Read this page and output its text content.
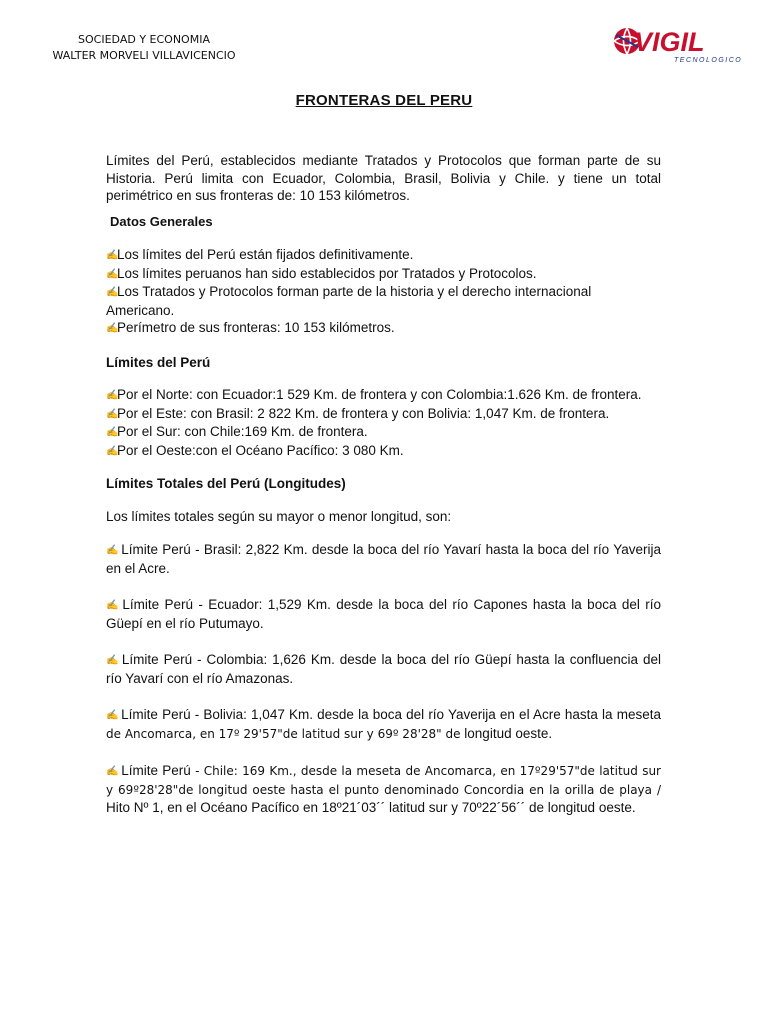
SOCIEDAD Y ECONOMIA
WALTER MORVELI VILLAVICENCIO	VIGIL
TECNOLOGICO
FRONTERAS DEL PERU

Límites del Perú, establecidos mediante Tratados y Protocolos que forman parte de su Historia. Perú limita con Ecuador, Colombia, Brasil, Bolivia y Chile. y tiene un total perimétrico en sus fronteras de: 10 153 kilómetros.

Datos Generales

✍Los límites del Perú están fijados definitivamente.

✍Los límites peruanos han sido establecidos por Tratados y Protocolos.

✍Los Tratados y Protocolos forman parte de la historia y el derecho internacional Americano.

✍Perímetro de sus fronteras: 10 153 kilómetros.

Límites del Perú

✍Por el Norte: con Ecuador:1 529 Km. de frontera y con Colombia:1.626 Km. de frontera.

✍Por el Este: con Brasil: 2 822 Km. de frontera y con Bolivia: 1,047 Km. de frontera.

✍Por el Sur: con Chile:169 Km. de frontera.

✍Por el Oeste:con el Océano Pacífico: 3 080 Km.

Límites Totales del Perú (Longitudes)

Los límites totales según su mayor o menor longitud, son:

✍ Límite Perú - Brasil: 2,822 Km. desde la boca del río Yavarí hasta la boca del río Yaverija en el Acre.

✍ Límite Perú - Ecuador: 1,529 Km. desde la boca del río Capones hasta la boca del río Güepí en el río Putumayo.

✍ Límite Perú - Colombia: 1,626 Km. desde la boca del río Güepí hasta la confluencia del río Yavarí con el río Amazonas.

✍ Límite Perú - Bolivia: 1,047 Km. desde la boca del río Yaverija en el Acre hasta la meseta de Ancomarca, en 17º 29'57"de latitud sur y 69º 28'28" de longitud oeste.

✍ Límite Perú - Chile: 169 Km., desde la meseta de Ancomarca, en 17º29'57"de latitud sur y 69º28'28"de longitud oeste hasta el punto denominado Concordia en la orilla de playa / Hito Nº 1, en el Océano Pacífico en 18º21´03´´ latitud sur y 70º22´56´´ de longitud oeste.
